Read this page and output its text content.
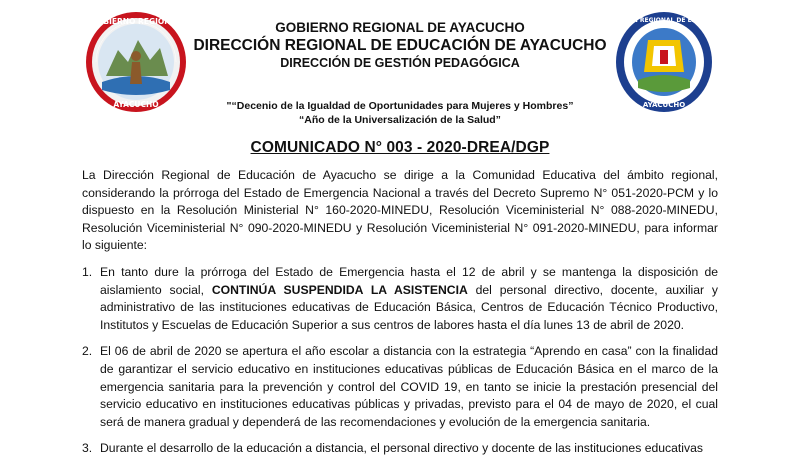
GOBIERNO REGIONAL
AYACUCHO
DIRECCIÓN REGIONAL DE EDUCACIÓN
AYACUCHO
GOBIERNO REGIONAL DE AYACUCHO
DIRECCIÓN REGIONAL DE EDUCACIÓN DE AYACUCHO
DIRECCIÓN DE GESTIÓN PEDAGÓGICA
"“Decenio de la Igualdad de Oportunidades para Mujeres y Hombres”
“Año de la Universalización de la Salud”
COMUNICADO N° 003 - 2020-DREA/DGP

La Dirección Regional de Educación de Ayacucho se dirige a la Comunidad Educativa del ámbito regional, considerando la prórroga del Estado de Emergencia Nacional a través del Decreto Supremo N° 051-2020-PCM y lo dispuesto en la Resolución Ministerial N° 160-2020-MINEDU, Resolución Viceministerial N° 088-2020-MINEDU, Resolución Viceministerial N° 090-2020-MINEDU y Resolución Viceministerial N° 091-2020-MINEDU, para informar lo siguiente:

1. En tanto dure la prórroga del Estado de Emergencia hasta el 12 de abril y se mantenga la disposición de aislamiento social, CONTINÚA SUSPENDIDA LA ASISTENCIA del personal directivo, docente, auxiliar y administrativo de las instituciones educativas de Educación Básica, Centros de Educación Técnico Productivo, Institutos y Escuelas de Educación Superior a sus centros de labores hasta el día lunes 13 de abril de 2020.
2. El 06 de abril de 2020 se apertura el año escolar a distancia con la estrategia “Aprendo en casa” con la finalidad de garantizar el servicio educativo en instituciones educativas públicas de Educación Básica en el marco de la emergencia sanitaria para la prevención y control del COVID 19, en tanto se inicie la prestación presencial del servicio educativo en instituciones educativas públicas y privadas, previsto para el 04 de mayo de 2020, el cual será de manera gradual y dependerá de las recomendaciones y evolución de la emergencia sanitaria.
3. Durante el desarrollo de la educación a distancia, el personal directivo y docente de las instituciones educativas
